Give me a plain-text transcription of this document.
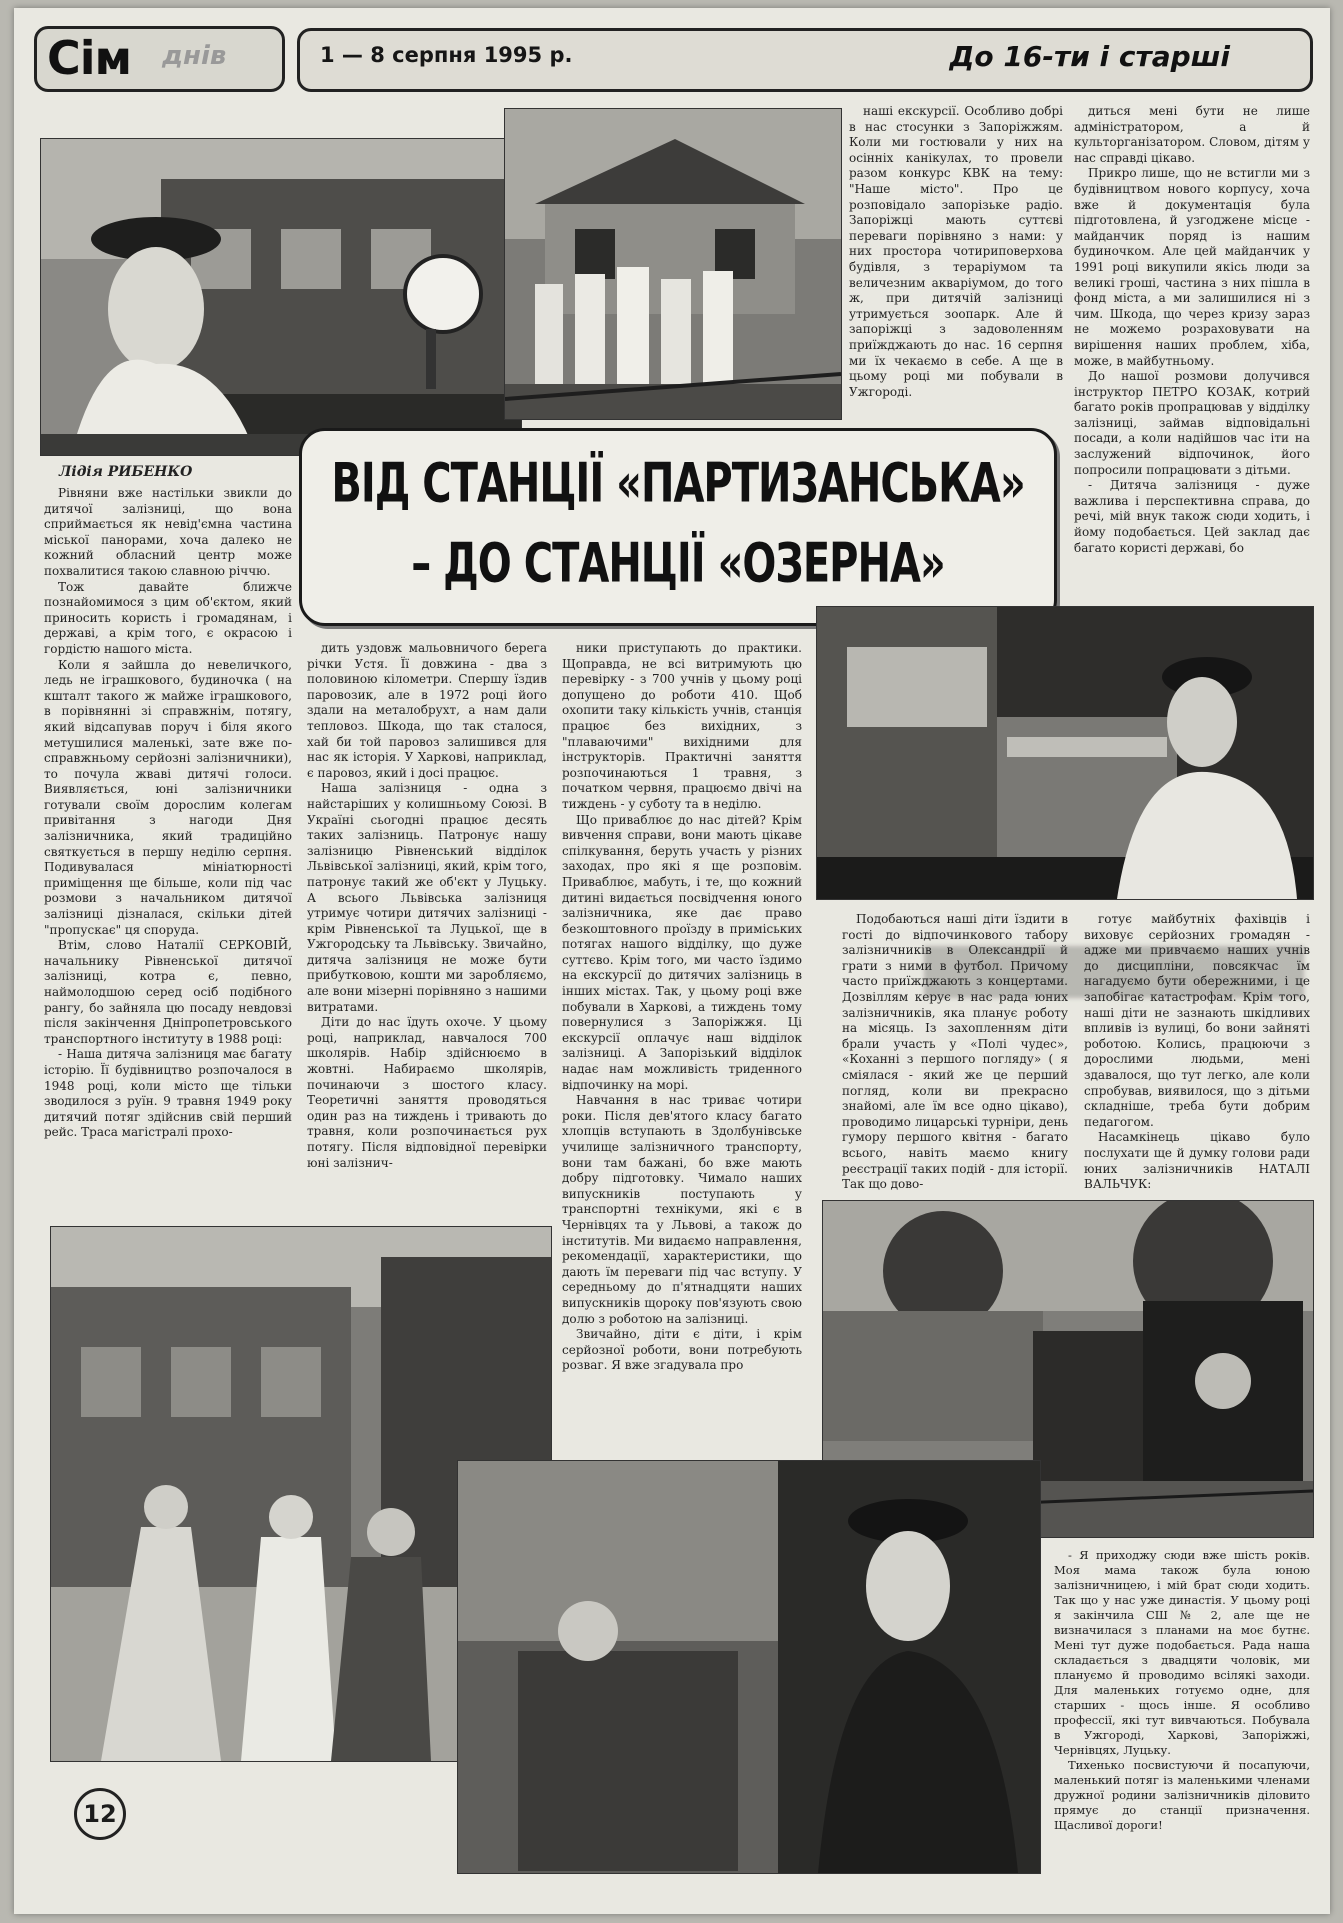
Сім днів	1 — 8 серпня 1995 р.	До 16-ти і старші
ВІД СТАНЦІЇ «ПАРТИЗАНСЬКА»
– ДО СТАНЦІЇ «ОЗЕРНА»
Лідія РИБЕНКО

Рівняни вже настільки звикли до дитячої залізниці, що вона сприймається як невід'ємна частина міської панорами, хоча далеко не кожний обласний центр може похвалитися такою славною річчю.

Тож давайте ближче познайомимося з цим об'єктом, який приносить користь і громадянам, і державі, а крім того, є окрасою і гордістю нашого міста.

Коли я зайшла до невеличкого, ледь не іграшкового, будиночка ( на кшталт такого ж майже іграшкового, в порівнянні зі справжнім, потягу, який відсапував поруч і біля якого метушилися маленькі, зате вже по-справжньому серйозні залізничники), то почула жваві дитячі голоси. Виявляється, юні залізничники готували своїм дорослим колегам привітання з нагоди Дня залізничника, який традиційно святкується в першу неділю серпня. Подивувалася мініатюрності приміщення ще більше, коли під час розмови з начальником дитячої залізниці дізналася, скільки дітей "пропускає" ця споруда.

Втім, слово Наталії СЕРКОВІЙ, начальнику Рівненської дитячої залізниці, котра є, певно, наймолодшою серед осіб подібного рангу, бо зайняла цю посаду невдовзі після закінчення Дніпропетровського транспортного інституту в 1988 році:

- Наша дитяча залізниця має багату історію. Її будівництво розпочалося в 1948 році, коли місто ще тільки зводилося з руїн. 9 травня 1949 року дитячий потяг здійснив свій перший рейс. Траса магістралі прохо-

дить уздовж мальовничого берега річки Устя. Її довжина - два з половиною кілометри. Спершу їздив паровозик, але в 1972 році його здали на металобрухт, а нам дали тепловоз. Шкода, що так сталося, хай би той паровоз залишився для нас як історія. У Харкові, наприклад, є паровоз, який і досі працює.

Наша залізниця - одна з найстаріших у колишньому Союзі. В Україні сьогодні працює десять таких залізниць. Патронує нашу залізницю Рівненський відділок Львівської залізниці, який, крім того, патронує такий же об'єкт у Луцьку. А всього Львівська залізниця утримує чотири дитячих залізниці - крім Рівненської та Луцької, ще в Ужгородську та Львівську. Звичайно, дитяча залізниця не може бути прибутковою, кошти ми заробляємо, але вони мізерні порівняно з нашими витратами.

Діти до нас їдуть охоче. У цьому році, наприклад, навчалося 700 школярів. Набір здійснюємо в жовтні. Набираємо школярів, починаючи з шостого класу. Теоретичні заняття проводяться один раз на тиждень і тривають до травня, коли розпочинається рух потягу. Після відповідної перевірки юні залізнич-

ники приступають до практики. Щоправда, не всі витримують цю перевірку - з 700 учнів у цьому році допущено до роботи 410. Щоб охопити таку кількість учнів, станція працює без вихідних, з "плаваючими" вихідними для інструкторів. Практичні заняття розпочинаються 1 травня, з початком червня, працюємо двічі на тиждень - у суботу та в неділю.

Що приваблює до нас дітей? Крім вивчення справи, вони мають цікаве спілкування, беруть участь у різних заходах, про які я ще розповім. Приваблює, мабуть, і те, що кожний дитині видається посвідчення юного залізничника, яке дає право безкоштовного проїзду в приміських потягах нашого відділку, що дуже суттєво. Крім того, ми часто їздимо на екскурсії до дитячих залізниць в інших містах. Так, у цьому році вже побували в Харкові, а тиждень тому повернулися з Запоріжжя. Ці екскурсії оплачує наш відділок залізниці. А Запорізький відділок надає нам можливість триденного відпочинку на морі.

Навчання в нас триває чотири роки. Після дев'ятого класу багато хлопців вступають в Здолбунівське училище залізничного транспорту, вони там бажані, бо вже мають добру підготовку. Чимало наших випускників поступають у транспортні технікуми, які є в Чернівцях та у Львові, а також до інститутів. Ми видаємо направлення, рекомендації, характеристики, що дають їм переваги під час вступу. У середньому до п'ятнадцяти наших випускників щороку пов'язують свою долю з роботою на залізниці.

Звичайно, діти є діти, і крім серйозної роботи, вони потребують розваг. Я вже згадувала про

наші екскурсії. Особливо добрі в нас стосунки з Запоріжжям. Коли ми гостювали у них на осінніх канікулах, то провели разом конкурс КВК на тему: "Наше місто". Про це розповідало запорізьке радіо. Запоріжці мають суттєві переваги порівняно з нами: у них простора чотириповерхова будівля, з тераріумом та величезним акваріумом, до того ж, при дитячій залізниці утримується зоопарк. Але й запоріжці з задоволенням приїжджають до нас. 16 серпня ми їх чекаємо в себе. А ще в цьому році ми побували в Ужгороді.

диться мені бути не лише адміністратором, а й культорганізатором. Словом, дітям у нас справді цікаво.

Прикро лише, що не встигли ми з будівництвом нового корпусу, хоча вже й документація була підготовлена, й узгоджене місце - майданчик поряд із нашим будиночком. Але цей майданчик у 1991 році викупили якісь люди за великі гроші, частина з них пішла в фонд міста, а ми залишилися ні з чим. Шкода, що через кризу зараз не можемо розраховувати на вирішення наших проблем, хіба, може, в майбутньому.

До нашої розмови долучився інструктор ПЕТРО КОЗАК, котрий багато років пропрацював у відділку залізниці, займав відповідальні посади, а коли надійшов час іти на заслужений відпочинок, його попросили попрацювати з дітьми.

- Дитяча залізниця - дуже важлива і перспективна справа, до речі, мій внук також сюди ходить, і йому подобається. Цей заклад дає багато користі державі, бо

Подобаються наші діти їздити в гості до відпочинкового табору залізничників в Олександрії й грати з ними в футбол. Причому часто приїжджають з концертами. Дозвіллям керує в нас рада юних залізничників, яка планує роботу на місяць. Із захопленням діти брали участь у «Полі чудес», «Коханні з першого погляду» ( я сміялася - який же це перший погляд, коли ви прекрасно знайомі, але їм все одно цікаво), проводимо лицарські турніри, день гумору першого квітня - багато всього, навіть маємо книгу реєстрації таких подій - для історії. Так що дово-

готує майбутніх фахівців і виховує серйозних громадян - адже ми привчаємо наших учнів до дисципліни, повсякчас їм нагадуємо бути обережними, і це запобігає катастрофам. Крім того, наші діти не зазнають шкідливих впливів із вулиці, бо вони зайняті роботою. Колись, працюючи з дорослими людьми, мені здавалося, що тут легко, але коли спробував, виявилося, що з дітьми складніше, треба бути добрим педагогом.

Насамкінець цікаво було послухати ще й думку голови ради юних залізничників НАТАЛІ ВАЛЬЧУК:

- Я приходжу сюди вже шість років. Моя мама також була юною залізничницею, і мій брат сюди ходить. Так що у нас уже династія. У цьому році я закінчила СШ № 2, але ще не визначилася з планами на моє бутнє. Мені тут дуже подобається. Рада наша складається з двадцяти чоловік, ми плануємо й проводимо всілякі заходи. Для маленьких готуємо одне, для старших - щось інше. Я особливо профессії, які тут вивчаються. Побувала в Ужгороді, Харкові, Запоріжжі, Чернівцях, Луцьку.

Тихенько посвистуючи й посапуючи, маленький потяг із маленькими членами дружної родини залізничників діловито прямує до станції призначення. Щасливої дороги!

12
